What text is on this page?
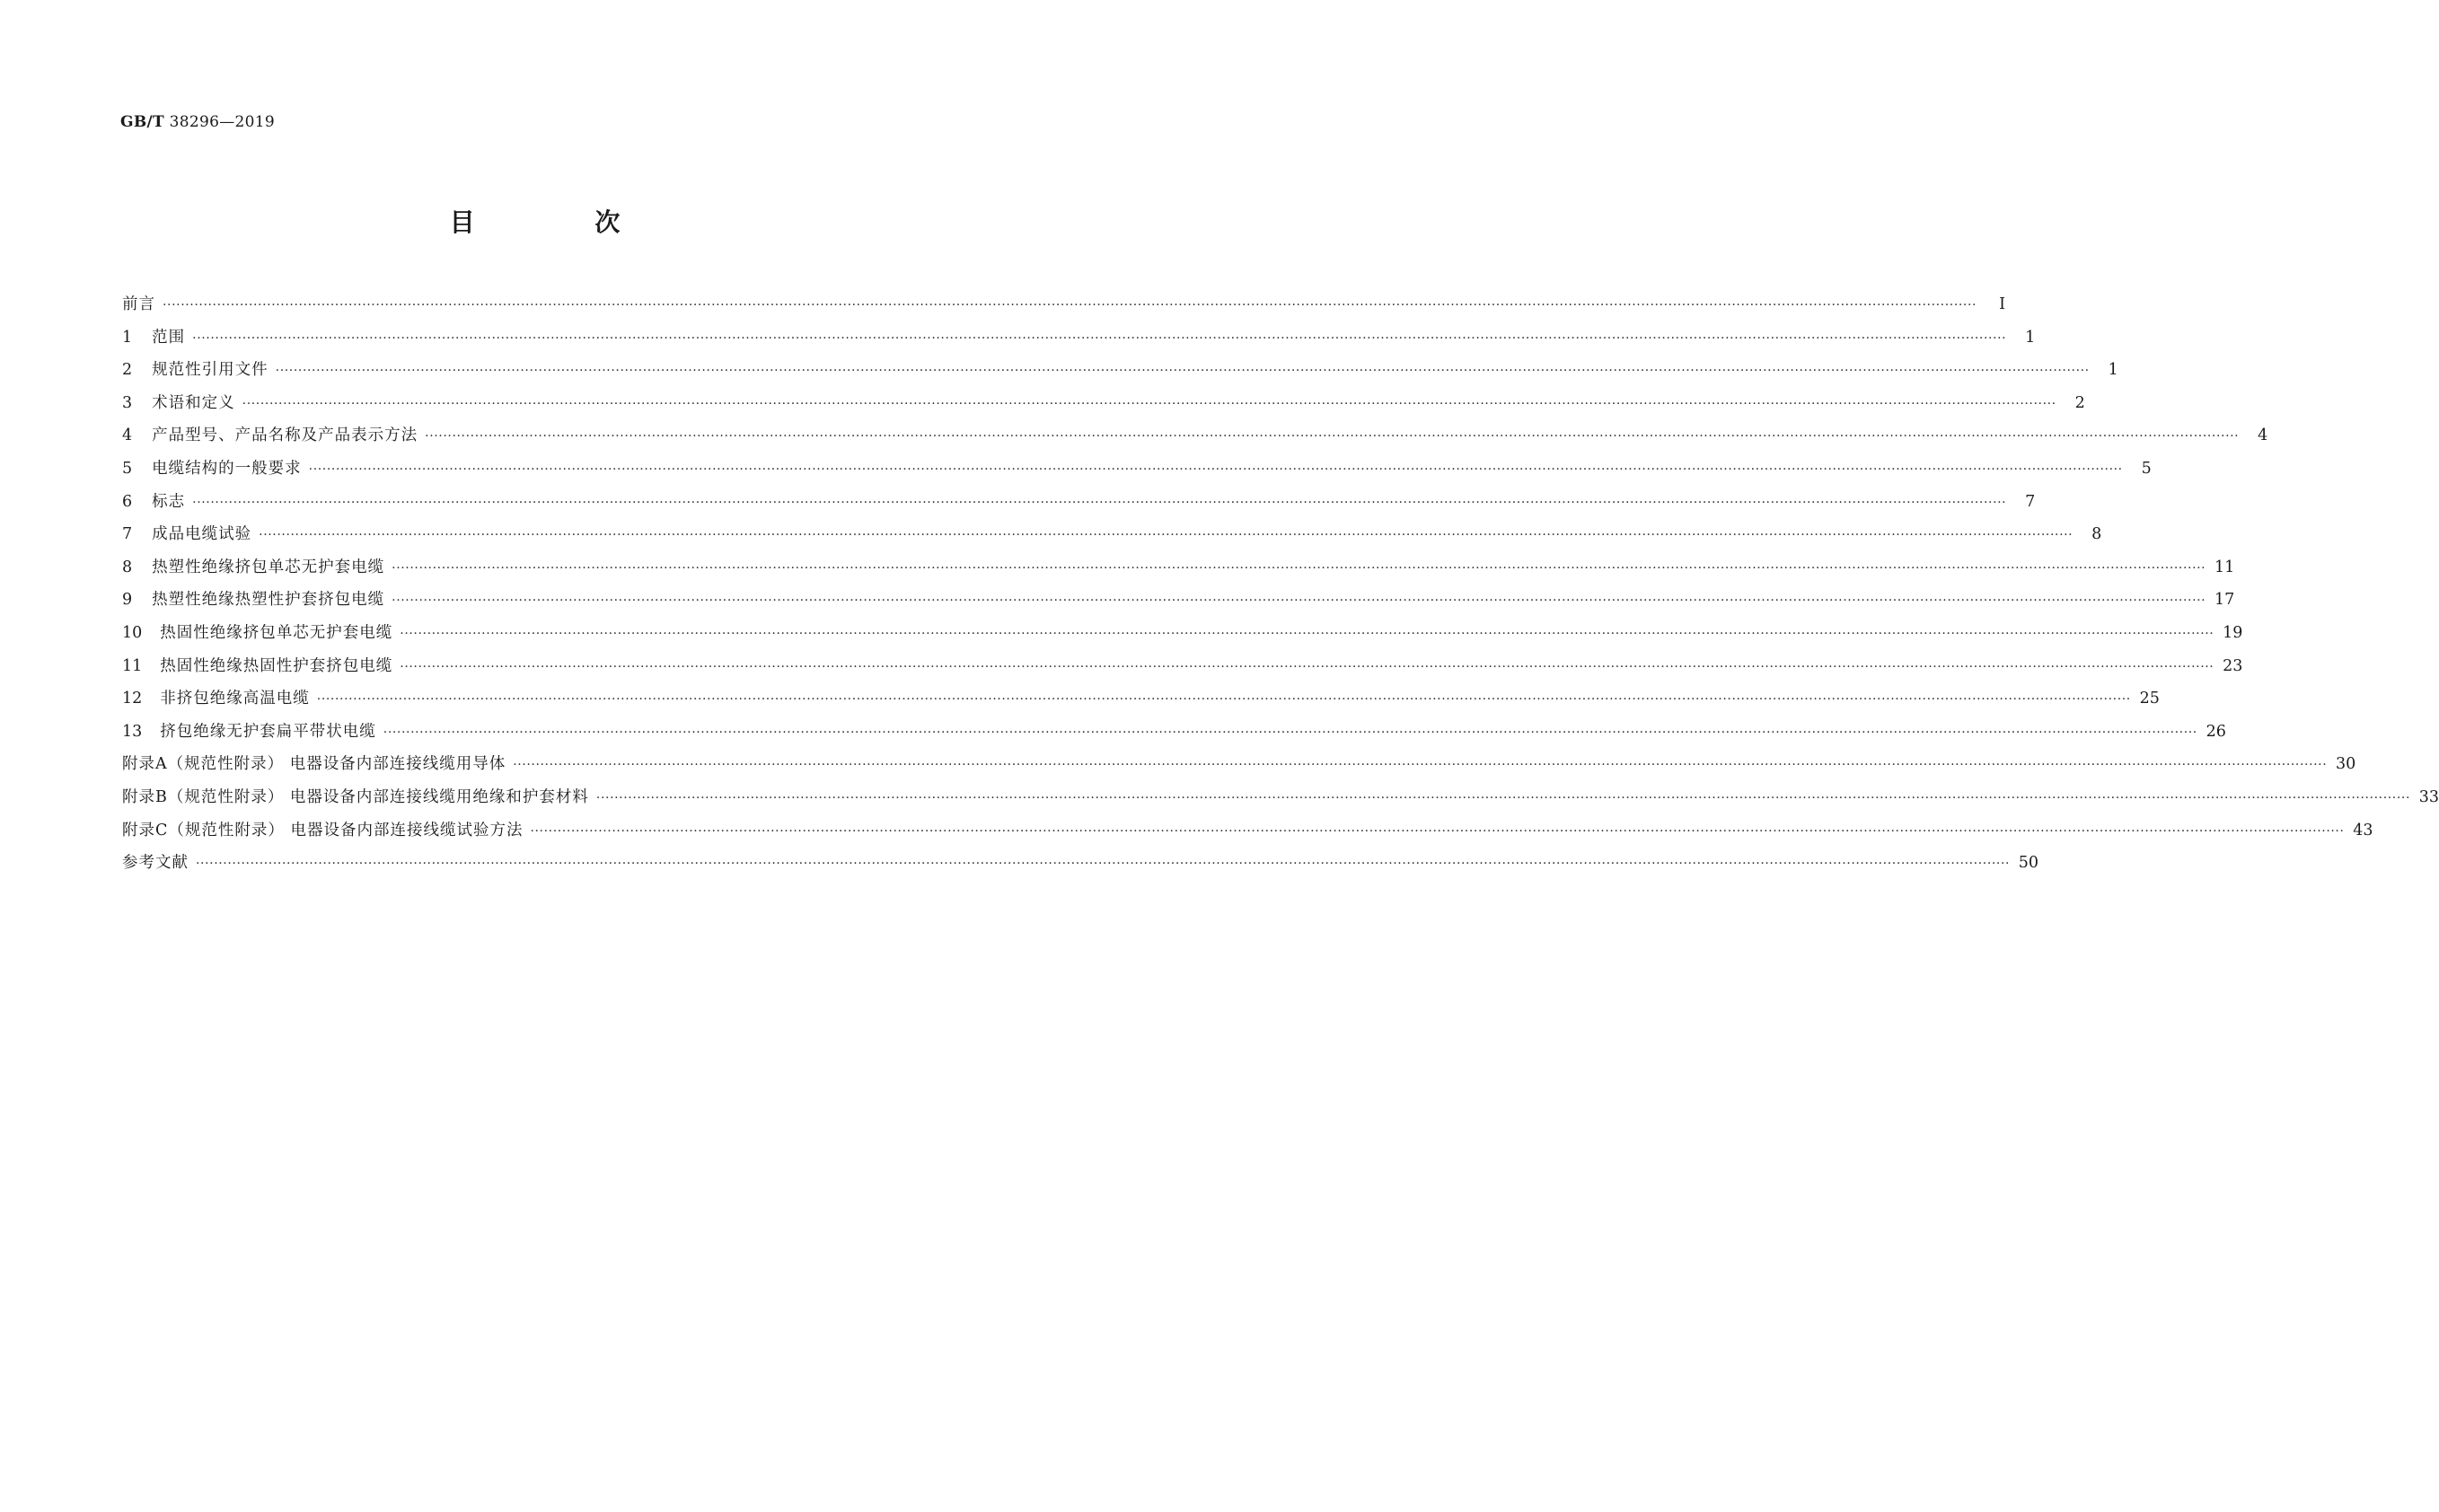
GB/T 38296—2019
目 次
前言 ················································································································································································································································································································································································································	Ⅰ
1 范围 ················································································································································································································································································································································································································	1
2 规范性引用文件 ················································································································································································································································································································································································································	1
3 术语和定义 ················································································································································································································································································································································································································	2
4 产品型号、产品名称及产品表示方法 ················································································································································································································································································································································································································	4
5 电缆结构的一般要求 ················································································································································································································································································································································································································	5
6 标志 ················································································································································································································································································································································································································	7
7 成品电缆试验 ················································································································································································································································································································································································································	8
8 热塑性绝缘挤包单芯无护套电缆 ················································································································································································································································································································································································································ 11
9 热塑性绝缘热塑性护套挤包电缆 ················································································································································································································································································································································································································ 17
10 热固性绝缘挤包单芯无护套电缆 ················································································································································································································································································································································································································ 19
11 热固性绝缘热固性护套挤包电缆 ················································································································································································································································································································································································································ 23
12 非挤包绝缘高温电缆 ················································································································································································································································································································································································································ 25
13 挤包绝缘无护套扁平带状电缆 ················································································································································································································································································································································································································ 26
附录A（规范性附录） 电器设备内部连接线缆用导体 ················································································································································································································································································································································································································ 30
附录B（规范性附录） 电器设备内部连接线缆用绝缘和护套材料 ················································································································································································································································································································································································································ 33
附录C（规范性附录） 电器设备内部连接线缆试验方法 ················································································································································································································································································································································································································ 43
参考文献 ················································································································································································································································································································································································································ 50
